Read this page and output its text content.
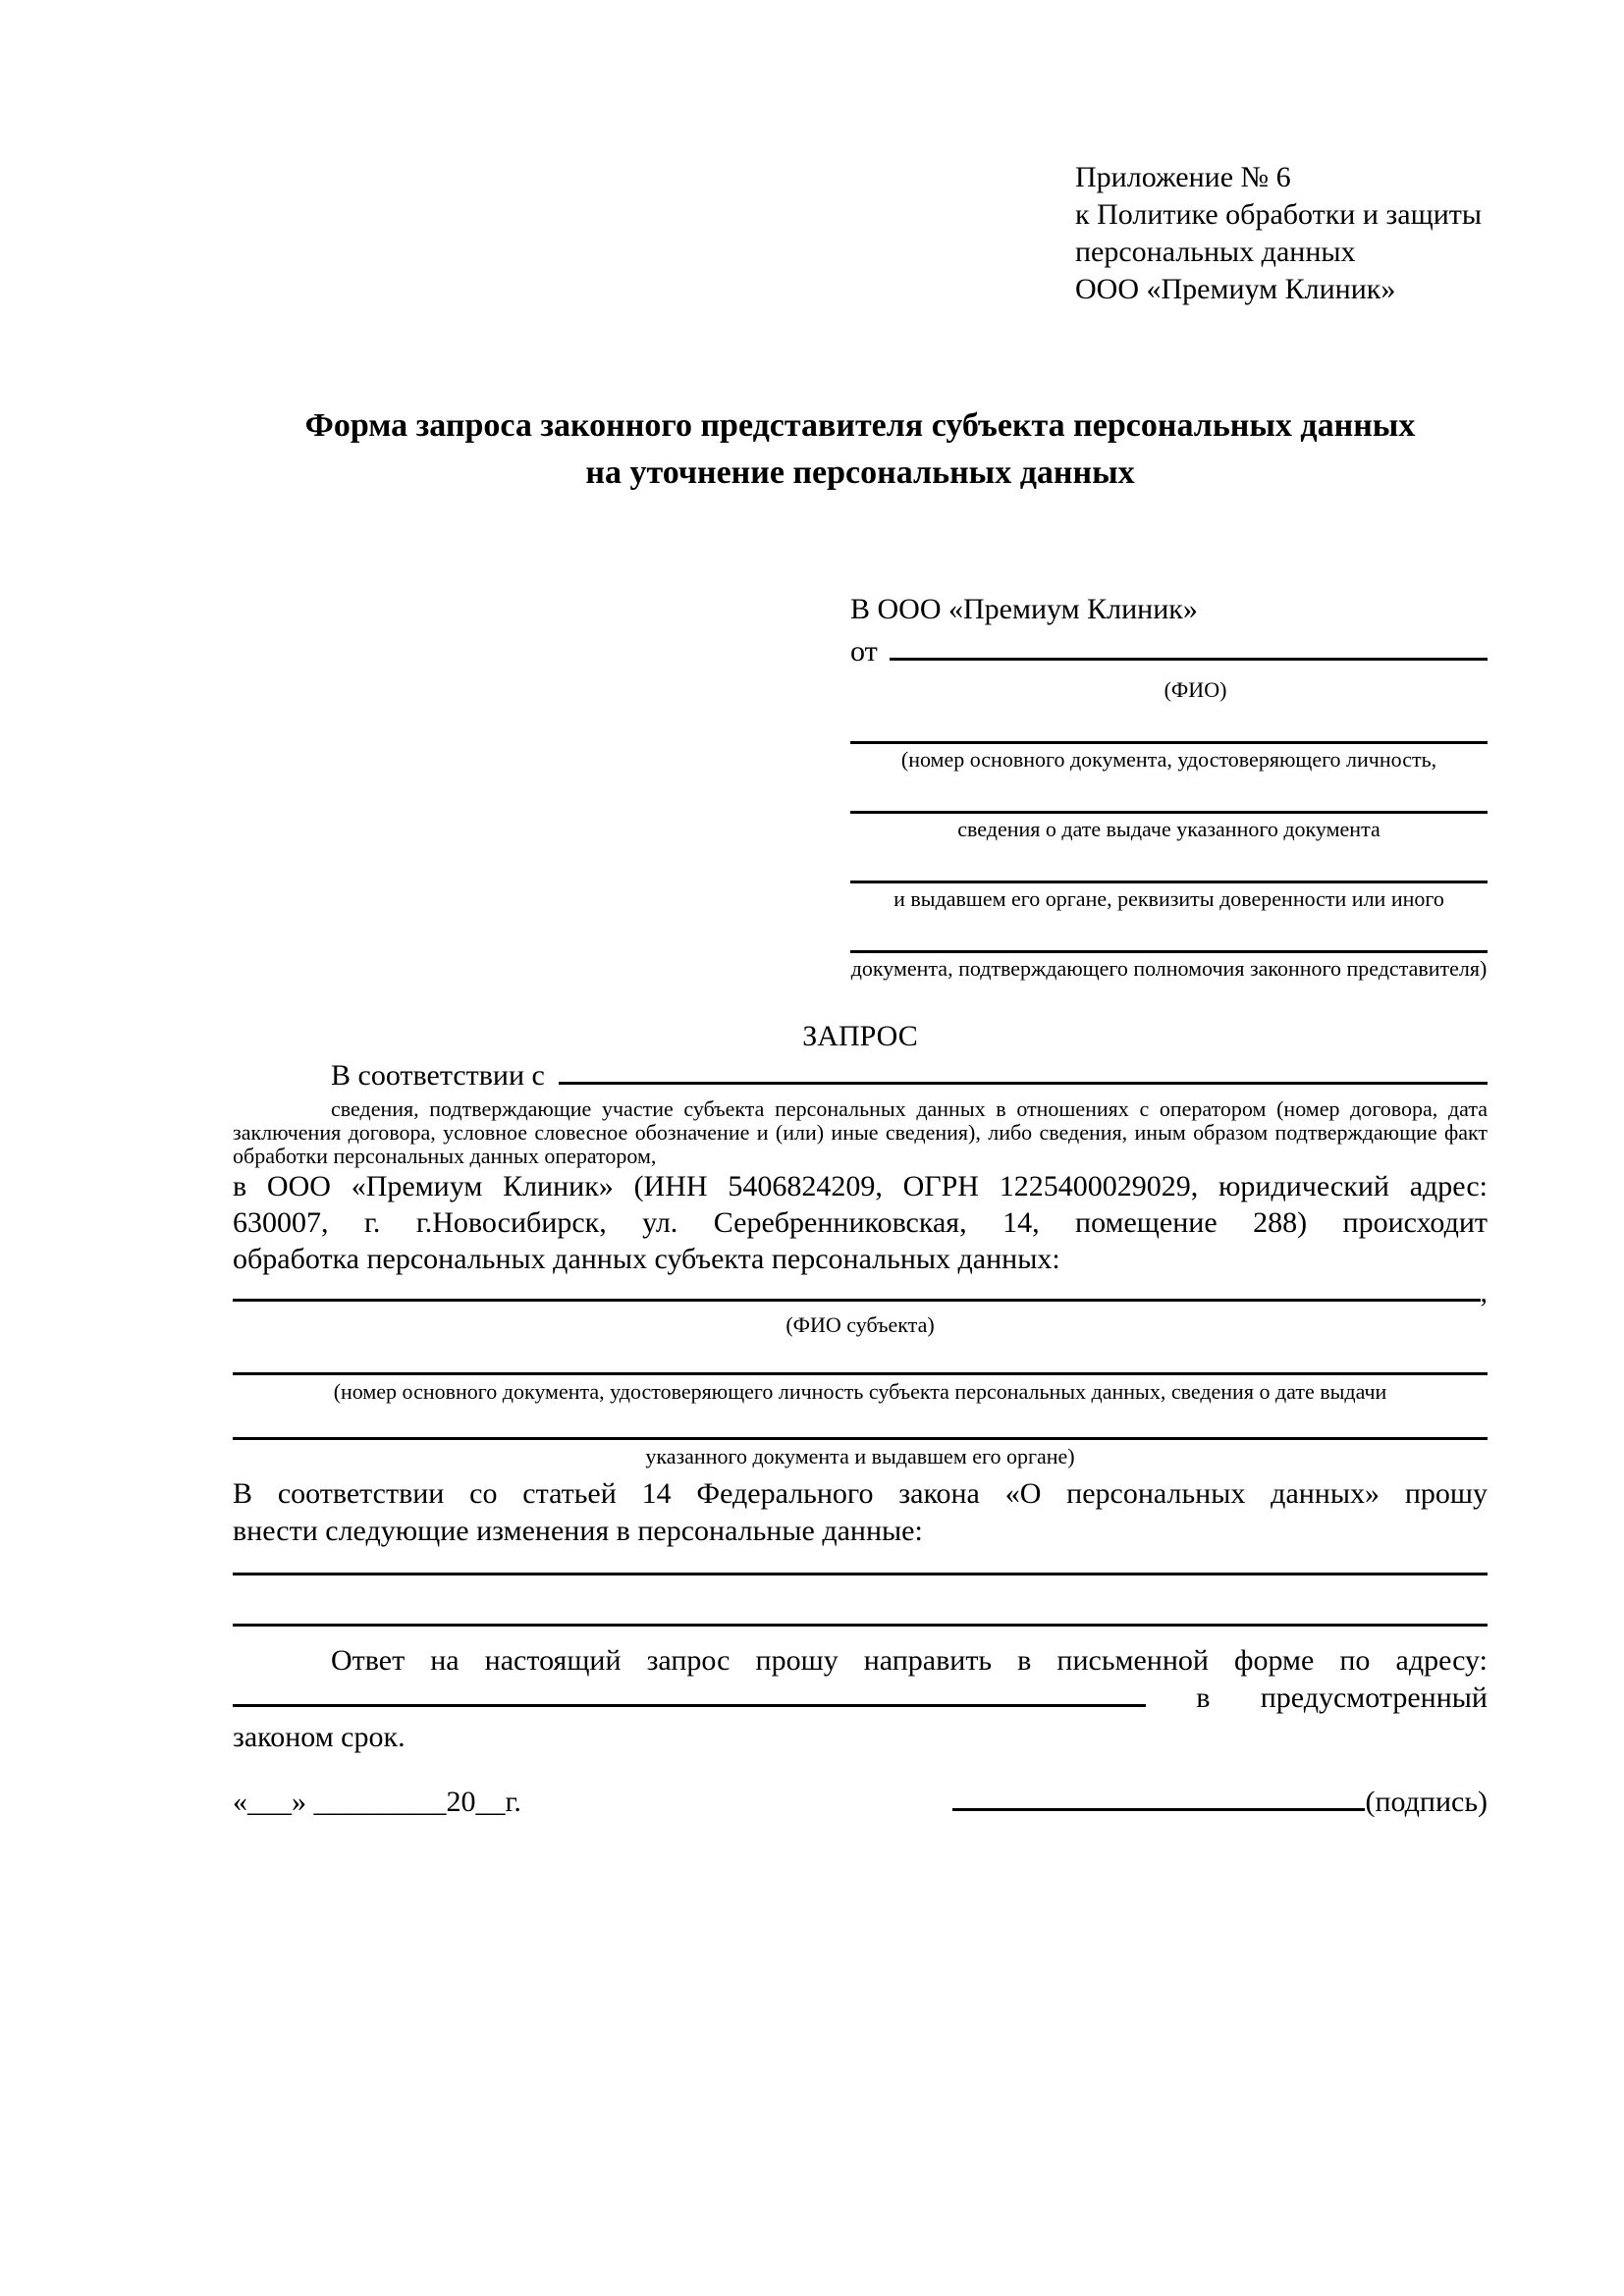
Приложение № 6
к Политике обработки и защиты
персональных данных
ООО «Премиум Клиник»
Форма запроса законного представителя субъекта персональных данных
на уточнение персональных данных
В ООО «Премиум Клиник»
от
(ФИО)
(номер основного документа, удостоверяющего личность,
сведения о дате выдаче указанного документа
и выдавшем его органе, реквизиты доверенности или иного
документа, подтверждающего полномочия законного представителя)
ЗАПРОС
В соответствии с
сведения, подтверждающие участие субъекта персональных данных в отношениях с оператором (номер договора, дата
заключения договора, условное словесное обозначение и (или) иные сведения), либо сведения, иным образом подтверждающие факт
обработки персональных данных оператором,
в ООО «Премиум Клиник» (ИНН 5406824209, ОГРН 1225400029029, юридический адрес:
630007, г. г.Новосибирск, ул. Серебренниковская, 14, помещение 288) происходит
обработка персональных данных субъекта персональных данных:
,
(ФИО субъекта)
(номер основного документа, удостоверяющего личность субъекта персональных данных, сведения о дате выдачи
указанного документа и выдавшем его органе)
В соответствии со статьей 14 Федерального закона «О персональных данных» прошу
внести следующие изменения в персональные данные:
Ответ на настоящий запрос прошу направить в письменной форме по адресу:
в предусмотренный
законом срок.
«___» _________20__г.	(подпись)
